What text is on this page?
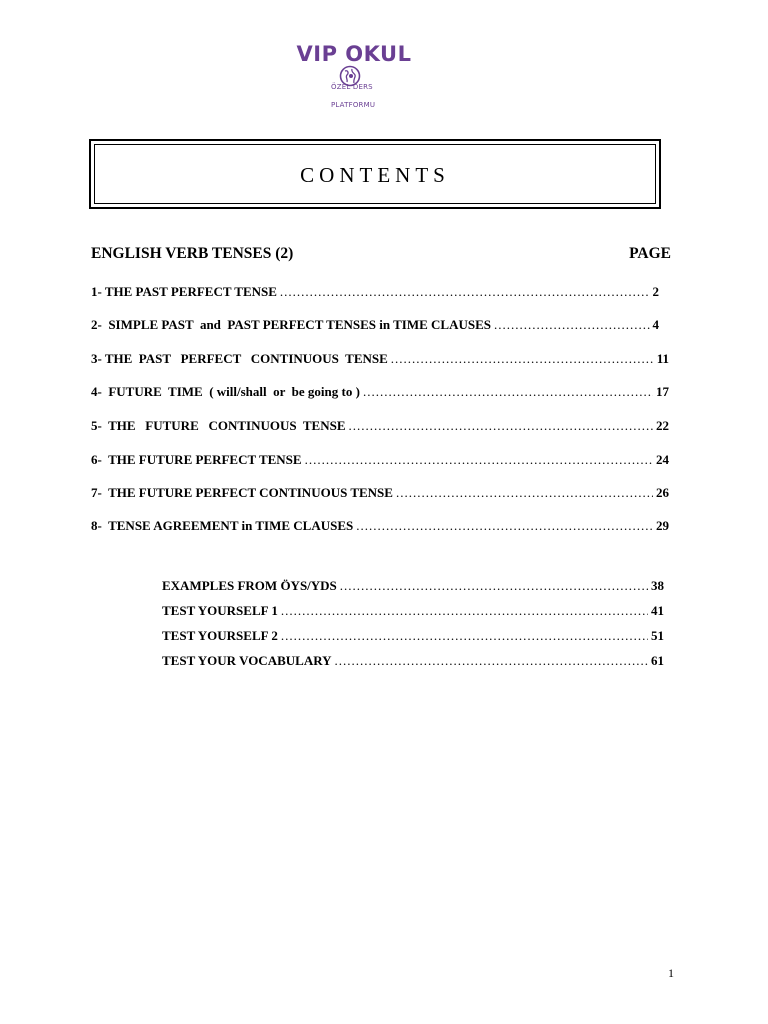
VIP OKUL
ÖZEL DERS
PLATFORMU
CONTENTS
ENGLISH VERB TENSES (2)	PAGE
1- THE PAST PERFECT TENSE .....	2
2-  SIMPLE PAST  and  PAST PERFECT TENSES in TIME CLAUSES .....	4
3- THE  PAST   PERFECT   CONTINUOUS  TENSE .....	11
4-  FUTURE  TIME  ( will/shall  or  be going to ) .....	17
5-  THE   FUTURE   CONTINUOUS  TENSE .....	22
6-  THE FUTURE PERFECT TENSE .....	24
7-  THE FUTURE PERFECT CONTINUOUS TENSE .....	26
8-  TENSE AGREEMENT in TIME CLAUSES .....	29
EXAMPLES FROM ÖYS/YDS .....	38
TEST YOURSELF 1 .....	41
TEST YOURSELF 2 .....	51
TEST YOUR VOCABULARY .....	61
1
